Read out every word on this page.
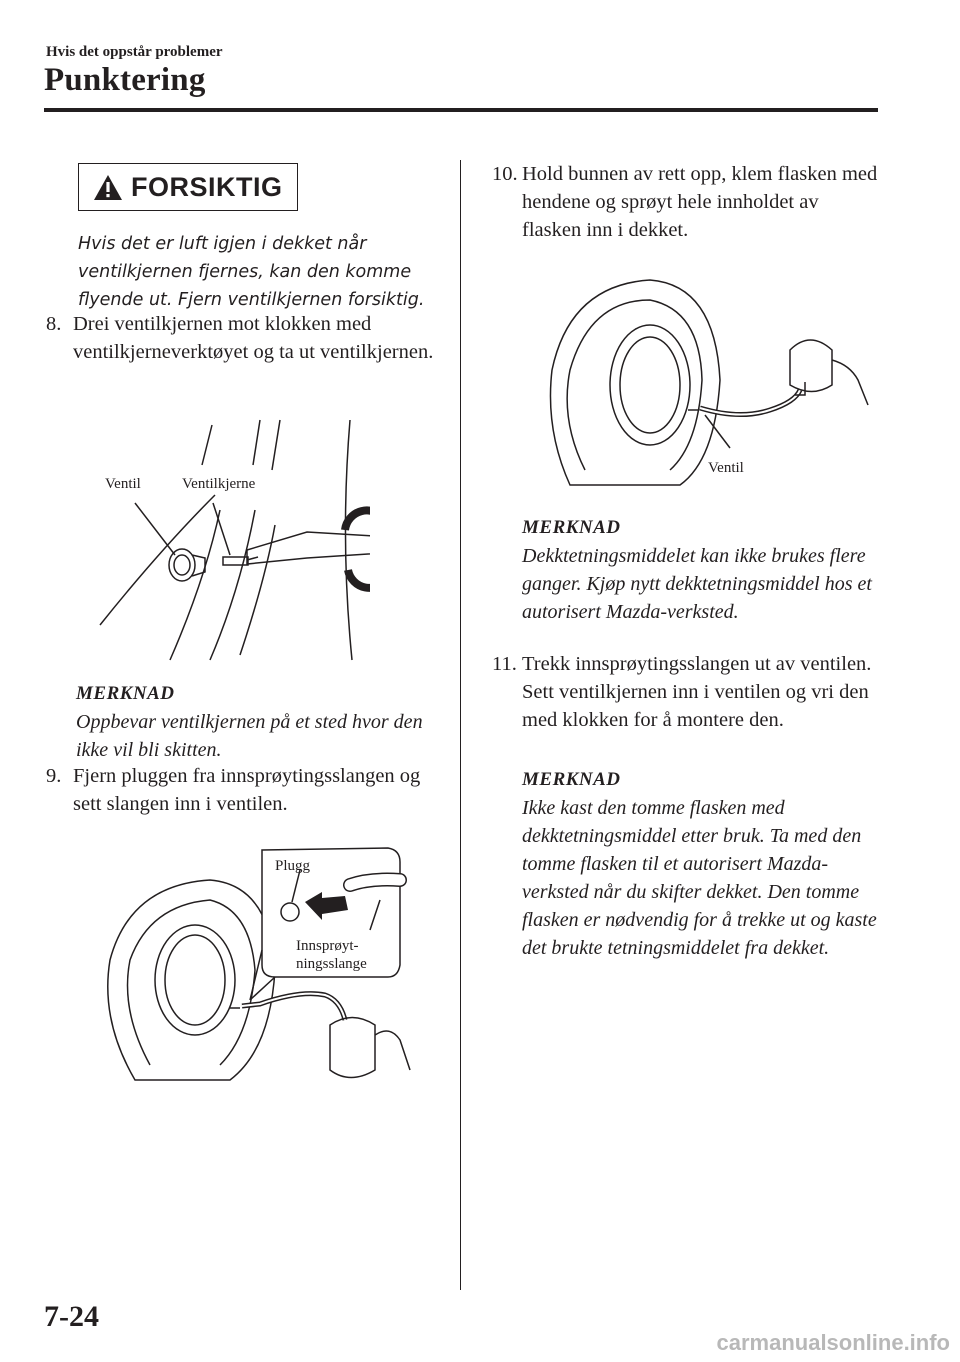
Hvis det oppstår problemer
Punktering
FORSIKTIG
Hvis det er luft igjen i dekket når ventilkjernen fjernes, kan den komme flyende ut. Fjern ventilkjernen forsiktig.
8. Drei ventilkjernen mot klokken med ventilkjerneverktøyet og ta ut ventilkjernen.
Ventil	Ventilkjerne
MERKNAD
Oppbevar ventilkjernen på et sted hvor den ikke vil bli skitten.
9. Fjern pluggen fra innsprøytingsslangen og sett slangen inn i ventilen.
Plugg
Innsprøyt-
ningsslange
10. Hold bunnen av rett opp, klem flasken med hendene og sprøyt hele innholdet av flasken inn i dekket.
Ventil
MERKNAD
Dekktetningsmiddelet kan ikke brukes flere ganger. Kjøp nytt dekktetningsmiddel hos et autorisert Mazda-verksted.
11. Trekk innsprøytingsslangen ut av ventilen. Sett ventilkjernen inn i ventilen og vri den med klokken for å montere den.
MERKNAD
Ikke kast den tomme flasken med dekktetningsmiddel etter bruk. Ta med den tomme flasken til et autorisert Mazda-verksted når du skifter dekket. Den tomme flasken er nødvendig for å trekke ut og kaste det brukte tetningsmiddelet fra dekket.
7-24
carmanualsonline.info
